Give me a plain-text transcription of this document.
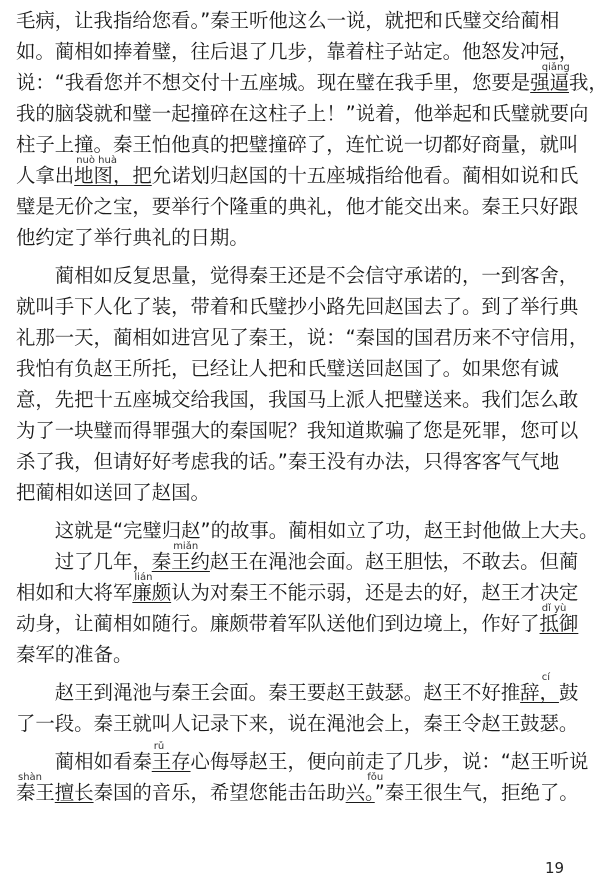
毛病，让我指给您看。”秦王听他这么一说，就把和氏璧交给蔺相
如。蔺相如捧着璧，往后退了几步，靠着柱子站定。他怒发冲冠，
说：“我看您并不想交付十五座城。现在璧在我手里，您要是强逼我，
我的脑袋就和璧一起撞碎在这柱子上！”说着，他举起和氏璧就要向
柱子上撞。秦王怕他真的把璧撞碎了，连忙说一切都好商量，就叫
人拿出地图，把允诺划归赵国的十五座城指给他看。蔺相如说和氏
璧是无价之宝，要举行个隆重的典礼，他才能交出来。秦王只好跟
他约定了举行典礼的日期。
　　蔺相如反复思量，觉得秦王还是不会信守承诺的，一到客舍，
就叫手下人化了装，带着和氏璧抄小路先回赵国去了。到了举行典
礼那一天，蔺相如进宫见了秦王，说：“秦国的国君历来不守信用，
我怕有负赵王所托，已经让人把和氏璧送回赵国了。如果您有诚
意，先把十五座城交给我国，我国马上派人把璧送来。我们怎么敢
为了一块璧而得罪强大的秦国呢？我知道欺骗了您是死罪，您可以
杀了我，但请好好考虑我的话。”秦王没有办法，只得客客气气地
把蔺相如送回了赵国。
　　这就是“完璧归赵”的故事。蔺相如立了功，赵王封他做上大夫。
　　过了几年，秦王约赵王在渑池会面。赵王胆怯，不敢去。但蔺
相如和大将军廉颇认为对秦王不能示弱，还是去的好，赵王才决定
动身，让蔺相如随行。廉颇带着军队送他们到边境上，作好了抵御
秦军的准备。
　　赵王到渑池与秦王会面。秦王要赵王鼓瑟。赵王不好推辞，鼓
了一段。秦王就叫人记录下来，说在渑池会上，秦王令赵王鼓瑟。
　　蔺相如看秦王存心侮辱赵王，便向前走了几步，说：“赵王听说
秦王擅长秦国的音乐，希望您能击缶助兴。”秦王很生气，拒绝了。
qiǎng
nuò huà
miǎn
lián
dǐ yù
cí
rǔ
shàn	fǒu
19
